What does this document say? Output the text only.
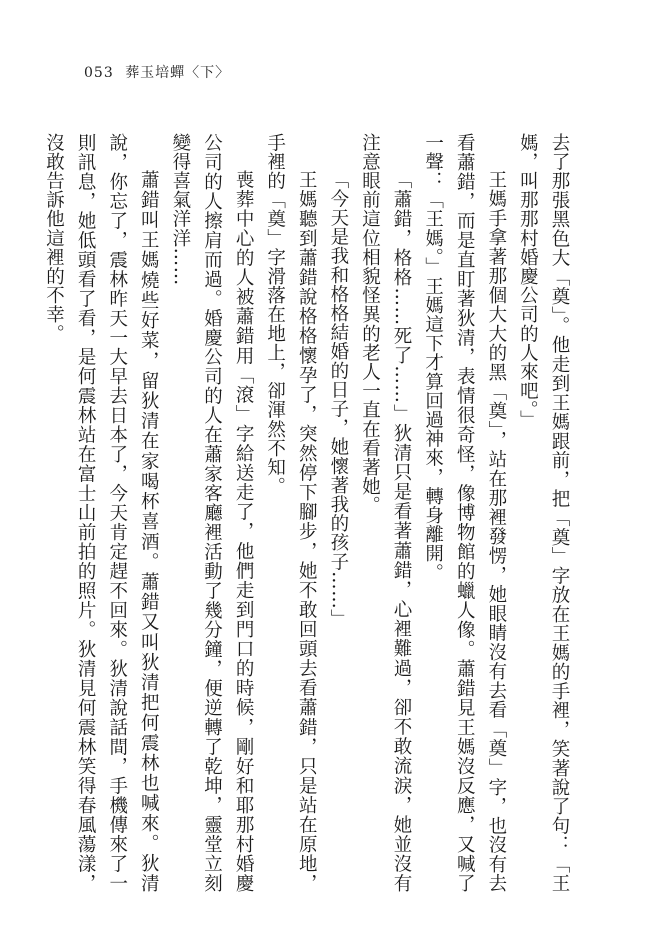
053 葬玉培蟬〈下〉

去了那張黑色大「奠」。他走到王媽跟前，把「奠」字放在王媽的手裡，笑著說了句：「王媽，叫那那村婚慶公司的人來吧。」

王媽手拿著那個大大的黑「奠」，站在那裡發愣，她眼睛沒有去看「奠」字，也沒有去看蕭錯，而是直盯著狄清，表情很奇怪，像博物館的蠟人像。蕭錯見王媽沒反應，又喊了一聲：「王媽。」王媽這下才算回過神來，轉身離開。

「蕭錯，格格……死了……」狄清只是看著蕭錯，心裡難過，卻不敢流淚，她並沒有注意眼前這位相貌怪異的老人一直在看著她。

「今天是我和格格結婚的日子，她懷著我的孩子……」

王媽聽到蕭錯說格格懷孕了，突然停下腳步，她不敢回頭去看蕭錯，只是站在原地，手裡的「奠」字滑落在地上，卻渾然不知。

喪葬中心的人被蕭錯用「滾」字給送走了，他們走到門口的時候，剛好和耶那村婚慶公司的人擦肩而過。婚慶公司的人在蕭家客廳裡活動了幾分鐘，便逆轉了乾坤，靈堂立刻變得喜氣洋洋……

蕭錯叫王媽燒些好菜，留狄清在家喝杯喜酒。蕭錯又叫狄清把何震林也喊來。狄清說，你忘了，震林昨天一大早去日本了，今天肯定趕不回來。狄清說話間，手機傳來了一則訊息，她低頭看了看，是何震林站在富士山前拍的照片。狄清見何震林笑得春風蕩漾，沒敢告訴他這裡的不幸。
